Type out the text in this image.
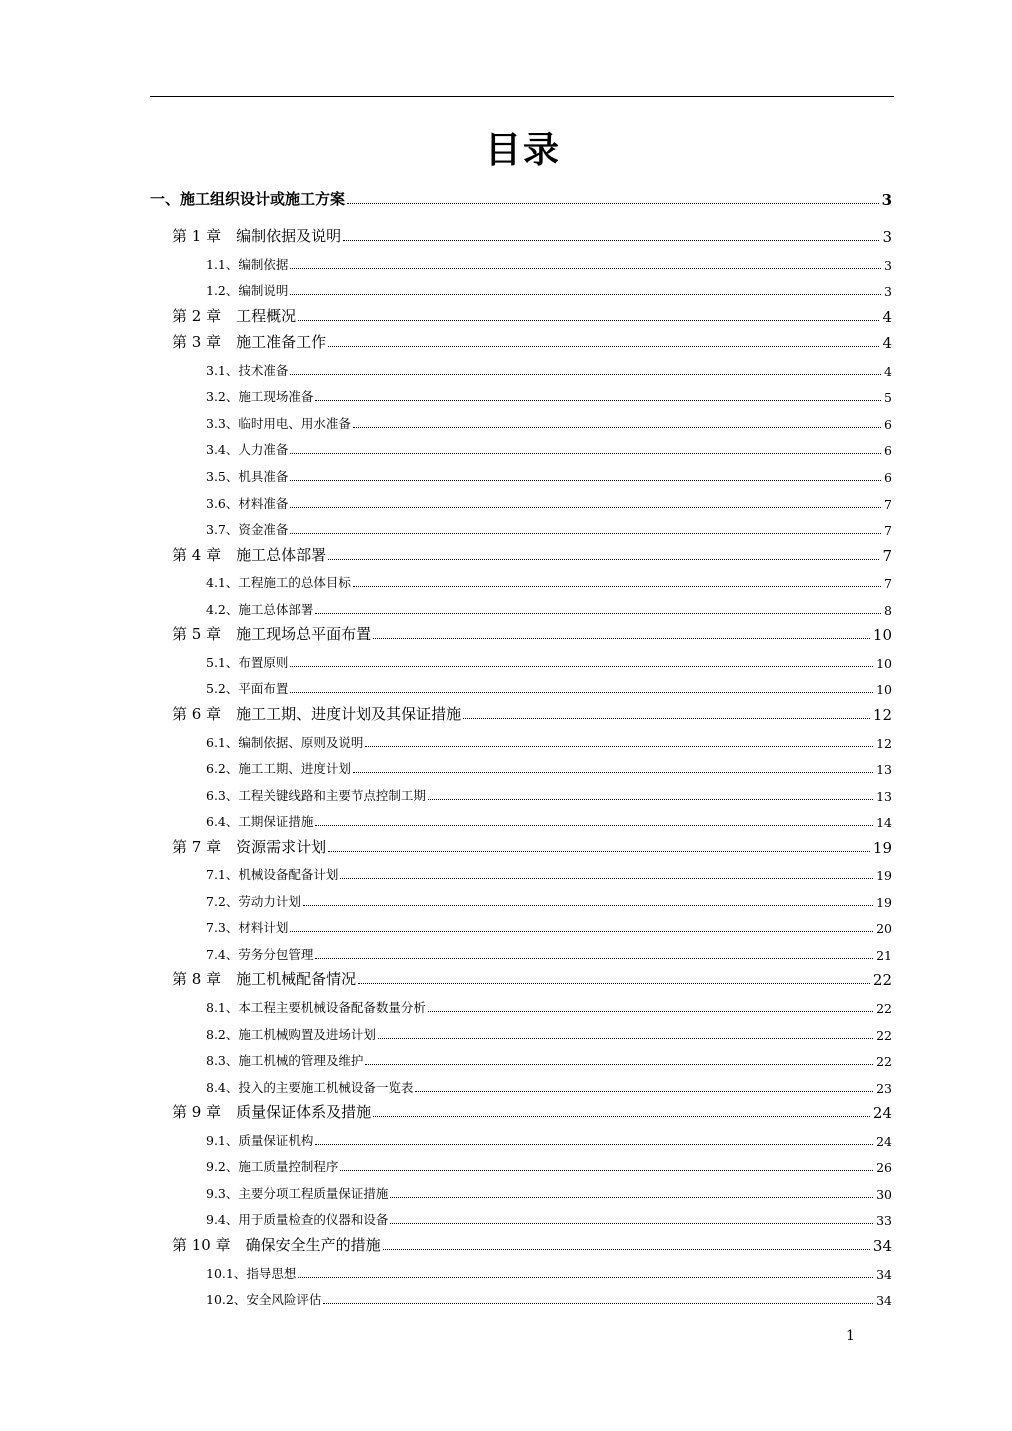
目录
一、施工组织设计或施工方案	3
第 1 章　编制依据及说明	3
1.1、编制依据	3
1.2、编制说明	3
第 2 章　工程概况	4
第 3 章　施工准备工作	4
3.1、技术准备	4
3.2、施工现场准备	5
3.3、临时用电、用水准备	6
3.4、人力准备	6
3.5、机具准备	6
3.6、材料准备	7
3.7、资金准备	7
第 4 章　施工总体部署	7
4.1、工程施工的总体目标	7
4.2、施工总体部署	8
第 5 章　施工现场总平面布置	10
5.1、布置原则	10
5.2、平面布置	10
第 6 章　施工工期、进度计划及其保证措施	12
6.1、编制依据、原则及说明	12
6.2、施工工期、进度计划	13
6.3、工程关键线路和主要节点控制工期	13
6.4、工期保证措施	14
第 7 章　资源需求计划	19
7.1、机械设备配备计划	19
7.2、劳动力计划	19
7.3、材料计划	20
7.4、劳务分包管理	21
第 8 章　施工机械配备情况	22
8.1、本工程主要机械设备配备数量分析	22
8.2、施工机械购置及进场计划	22
8.3、施工机械的管理及维护	22
8.4、投入的主要施工机械设备一览表	23
第 9 章　质量保证体系及措施	24
9.1、质量保证机构	24
9.2、施工质量控制程序	26
9.3、主要分项工程质量保证措施	30
9.4、用于质量检查的仪器和设备	33
第 10 章　确保安全生产的措施	34
10.1、指导思想	34
10.2、安全风险评估	34
1
